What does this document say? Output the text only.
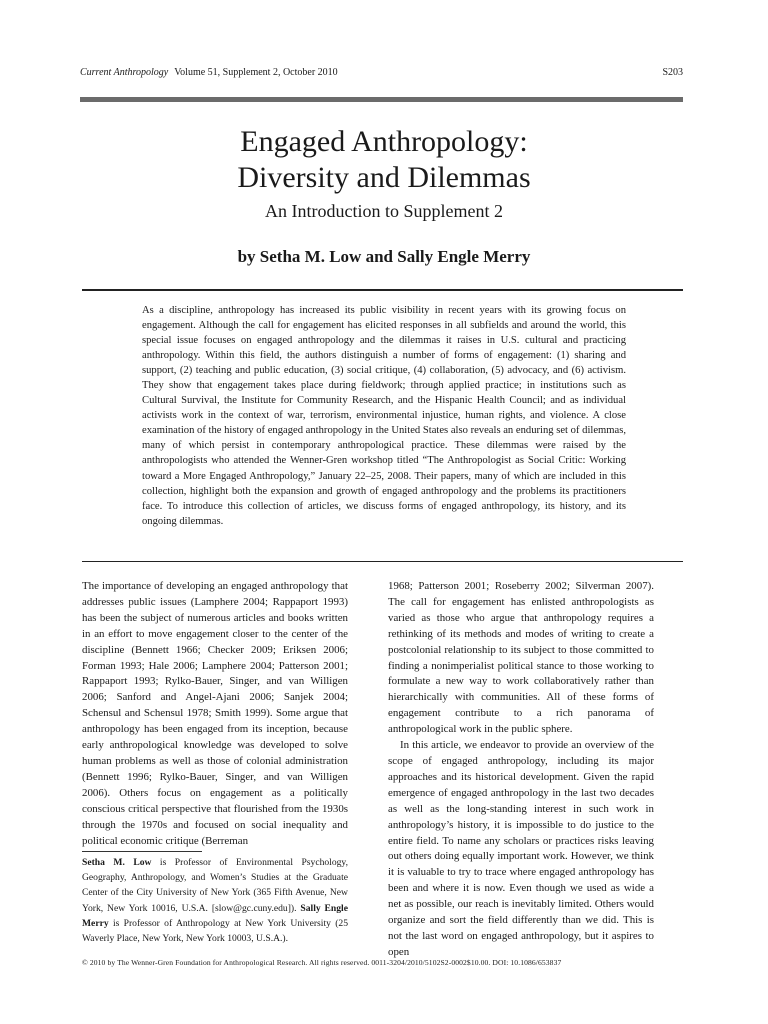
Current Anthropology Volume 51, Supplement 2, October 2010	S203
Engaged Anthropology:
Diversity and Dilemmas
An Introduction to Supplement 2
by Setha M. Low and Sally Engle Merry
As a discipline, anthropology has increased its public visibility in recent years with its growing focus on engagement. Although the call for engagement has elicited responses in all subfields and around the world, this special issue focuses on engaged anthropology and the dilemmas it raises in U.S. cultural and practicing anthropology. Within this field, the authors distinguish a number of forms of engagement: (1) sharing and support, (2) teaching and public education, (3) social critique, (4) collaboration, (5) advocacy, and (6) activism. They show that engagement takes place during fieldwork; through applied practice; in institutions such as Cultural Survival, the Institute for Community Research, and the Hispanic Health Council; and as individual activists work in the context of war, terrorism, environmental injustice, human rights, and violence. A close examination of the history of engaged anthropology in the United States also reveals an enduring set of dilemmas, many of which persist in contemporary anthropological practice. These dilemmas were raised by the anthropologists who attended the Wenner-Gren workshop titled “The Anthropologist as Social Critic: Working toward a More Engaged Anthropology,” January 22–25, 2008. Their papers, many of which are included in this collection, highlight both the expansion and growth of engaged anthropology and the problems its practitioners face. To introduce this collection of articles, we discuss forms of engaged anthropology, its history, and its ongoing dilemmas.

The importance of developing an engaged anthropology that addresses public issues (Lamphere 2004; Rappaport 1993) has been the subject of numerous articles and books written in an effort to move engagement closer to the center of the discipline (Bennett 1966; Checker 2009; Eriksen 2006; Forman 1993; Hale 2006; Lamphere 2004; Patterson 2001; Rappaport 1993; Rylko-Bauer, Singer, and van Willigen 2006; Sanford and Angel-Ajani 2006; Sanjek 2004; Schensul and Schensul 1978; Smith 1999). Some argue that anthropology has been engaged from its inception, because early anthropological knowledge was developed to solve human problems as well as those of colonial administration (Bennett 1996; Rylko-Bauer, Singer, and van Willigen 2006). Others focus on engagement as a politically conscious critical perspective that flourished from the 1930s through the 1970s and focused on social inequality and political economic critique (Berreman

1968; Patterson 2001; Roseberry 2002; Silverman 2007). The call for engagement has enlisted anthropologists as varied as those who argue that anthropology requires a rethinking of its methods and modes of writing to create a postcolonial relationship to its subject to those committed to finding a nonimperialist political stance to those working to formulate a new way to work collaboratively rather than hierarchically with communities. All of these forms of engagement contribute to a rich panorama of anthropological work in the public sphere.

In this article, we endeavor to provide an overview of the scope of engaged anthropology, including its major approaches and its historical development. Given the rapid emergence of engaged anthropology in the last two decades as well as the long-standing interest in such work in anthropology’s history, it is impossible to do justice to the entire field. To name any scholars or practices risks leaving out others doing equally important work. However, we think it is valuable to try to trace where engaged anthropology has been and where it is now. Even though we used as wide a net as possible, our reach is inevitably limited. Others would organize and sort the field differently than we did. This is not the last word on engaged anthropology, but it aspires to open

Setha M. Low is Professor of Environmental Psychology, Geography, Anthropology, and Women’s Studies at the Graduate Center of the City University of New York (365 Fifth Avenue, New York, New York 10016, U.S.A. [slow@gc.cuny.edu]). Sally Engle Merry is Professor of Anthropology at New York University (25 Waverly Place, New York, New York 10003, U.S.A.).
© 2010 by The Wenner-Gren Foundation for Anthropological Research. All rights reserved. 0011-3204/2010/5102S2-0002$10.00. DOI: 10.1086/653837
